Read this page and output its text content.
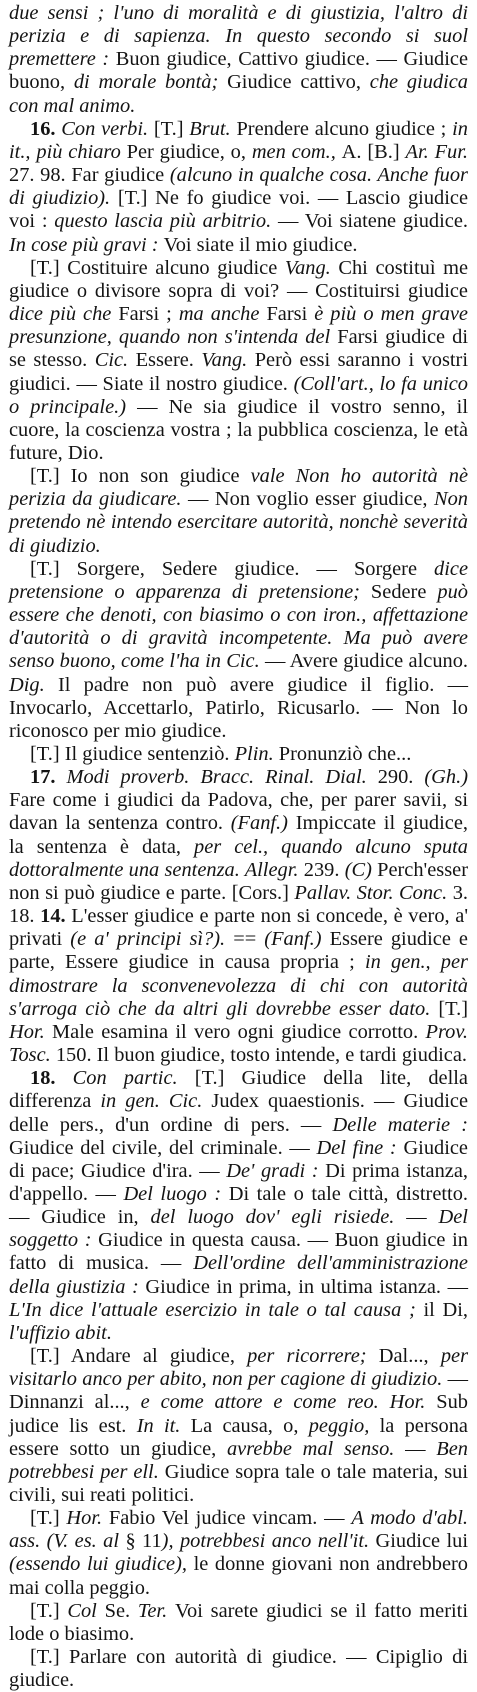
due sensi ; l'uno di moralità e di giustizia, l'altro di perizia e di sapienza. In questo secondo si suol premettere : Buon giudice, Cattivo giudice. — Giudice buono, di morale bontà; Giudice cattivo, che giudica con mal animo.

16. Con verbi. [T.] Brut. Prendere alcuno giudice ; in it., più chiaro Per giudice, o, men com., A. [B.] Ar. Fur. 27. 98. Far giudice (alcuno in qualche cosa. Anche fuor di giudizio). [T.] Ne fo giudice voi. — Lascio giudice voi : questo lascia più arbitrio. — Voi siatene giudice. In cose più gravi : Voi siate il mio giudice.

[T.] Costituire alcuno giudice Vang. Chi costituì me giudice o divisore sopra di voi? — Costituirsi giudice dice più che Farsi ; ma anche Farsi è più o men grave presunzione, quando non s'intenda del Farsi giudice di se stesso. Cic. Essere. Vang. Però essi saranno i vostri giudici. — Siate il nostro giudice. (Coll'art., lo fa unico o principale.) — Ne sia giudice il vostro senno, il cuore, la coscienza vostra ; la pubblica coscienza, le età future, Dio.

[T.] Io non son giudice vale Non ho autorità nè perizia da giudicare. — Non voglio esser giudice, Non pretendo nè intendo esercitare autorità, nonchè severità di giudizio.

[T.] Sorgere, Sedere giudice. — Sorgere dice pretensione o apparenza di pretensione; Sedere può essere che denoti, con biasimo o con iron., affettazione d'autorità o di gravità incompetente. Ma può avere senso buono, come l'ha in Cic. — Avere giudice alcuno. Dig. Il padre non può avere giudice il figlio. — Invocarlo, Accettarlo, Patirlo, Ricusarlo. — Non lo riconosco per mio giudice.

[T.] Il giudice sentenziò. Plin. Pronunziò che...

17. Modi proverb. Bracc. Rinal. Dial. 290. (Gh.) Fare come i giudici da Padova, che, per parer savii, si davan la sentenza contro. (Fanf.) Impiccate il giudice, la sentenza è data, per cel., quando alcuno sputa dottoralmente una sentenza. Allegr. 239. (C) Perch'esser non si può giudice e parte. [Cors.] Pallav. Stor. Conc. 3. 18. 14. L'esser giudice e parte non si concede, è vero, a' privati (e a' principi sì?). == (Fanf.) Essere giudice e parte, Essere giudice in causa propria ; in gen., per dimostrare la sconvenevolezza di chi con autorità s'arroga ciò che da altri gli dovrebbe esser dato. [T.] Hor. Male esamina il vero ogni giudice corrotto. Prov. Tosc. 150. Il buon giudice, tosto intende, e tardi giudica.

18. Con partic. [T.] Giudice della lite, della differenza in gen. Cic. Judex quaestionis. — Giudice delle pers., d'un ordine di pers. — Delle materie : Giudice del civile, del criminale. — Del fine : Giudice di pace; Giudice d'ira. — De' gradi : Di prima istanza, d'appello. — Del luogo : Di tale o tale città, distretto. — Giudice in, del luogo dov' egli risiede. — Del soggetto : Giudice in questa causa. — Buon giudice in fatto di musica. — Dell'ordine dell'amministrazione della giustizia : Giudice in prima, in ultima istanza. — L'In dice l'attuale esercizio in tale o tal causa ; il Di, l'uffizio abit.

[T.] Andare al giudice, per ricorrere; Dal..., per visitarlo anco per abito, non per cagione di giudizio. — Dinnanzi al..., e come attore e come reo. Hor. Sub judice lis est. In it. La causa, o, peggio, la persona essere sotto un giudice, avrebbe mal senso. — Ben potrebbesi per ell. Giudice sopra tale o tale materia, sui civili, sui reati politici.

[T.] Hor. Fabio Vel judice vincam. — A modo d'abl. ass. (V. es. al § 11), potrebbesi anco nell'it. Giudice lui (essendo lui giudice), le donne giovani non andrebbero mai colla peggio.

[T.] Col Se. Ter. Voi sarete giudici se il fatto meriti lode o biasimo.

[T.] Parlare con autorità di giudice. — Cipiglio di giudice.
